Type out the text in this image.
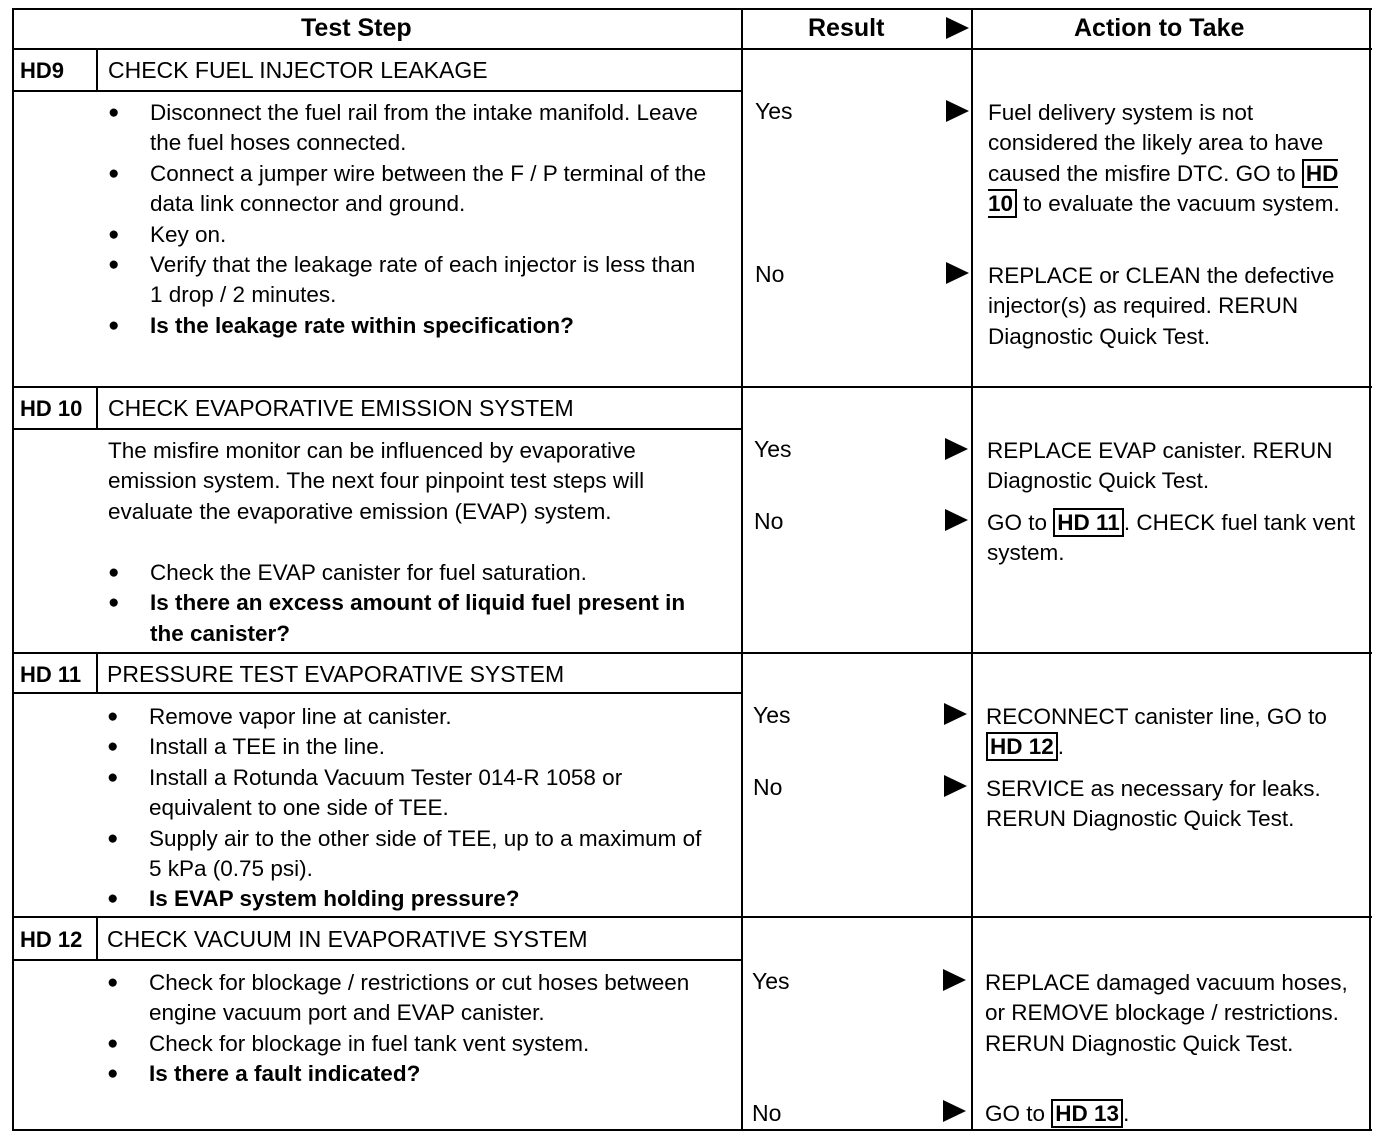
Test Step	Result	Action to Take
HD9 CHECK FUEL INJECTOR LEAKAGE
● Disconnect the fuel rail from the intake manifold. Leave the fuel hoses connected.
● Connect a jumper wire between the F / P terminal of the data link connector and ground.
● Key on.
● Verify that the leakage rate of each injector is less than 1 drop / 2 minutes.
● Is the leakage rate within specification?
Yes	Fuel delivery system is not considered the likely area to have caused the misfire DTC. GO to HD 10 to evaluate the vacuum system.
No	REPLACE or CLEAN the defective injector(s) as required. RERUN Diagnostic Quick Test.
HD 10 CHECK EVAPORATIVE EMISSION SYSTEM
The misfire monitor can be influenced by evaporative emission system. The next four pinpoint test steps will evaluate the evaporative emission (EVAP) system.
● Check the EVAP canister for fuel saturation.
● Is there an excess amount of liquid fuel present in the canister?
Yes	REPLACE EVAP canister. RERUN Diagnostic Quick Test.
No	GO to HD 11 . CHECK fuel tank vent system.
HD 11 PRESSURE TEST EVAPORATIVE SYSTEM
● Remove vapor line at canister.
● Install a TEE in the line.
● Install a Rotunda Vacuum Tester 014-R 1058 or equivalent to one side of TEE.
● Supply air to the other side of TEE, up to a maximum of 5 kPa (0.75 psi).
● Is EVAP system holding pressure?
Yes	RECONNECT canister line, GO to HD 12 .
No	SERVICE as necessary for leaks. RERUN Diagnostic Quick Test.
HD 12 CHECK VACUUM IN EVAPORATIVE SYSTEM
● Check for blockage / restrictions or cut hoses between engine vacuum port and EVAP canister.
● Check for blockage in fuel tank vent system.
● Is there a fault indicated?
Yes	REPLACE damaged vacuum hoses, or REMOVE blockage / restrictions. RERUN Diagnostic Quick Test.
No	GO to HD 13 .
